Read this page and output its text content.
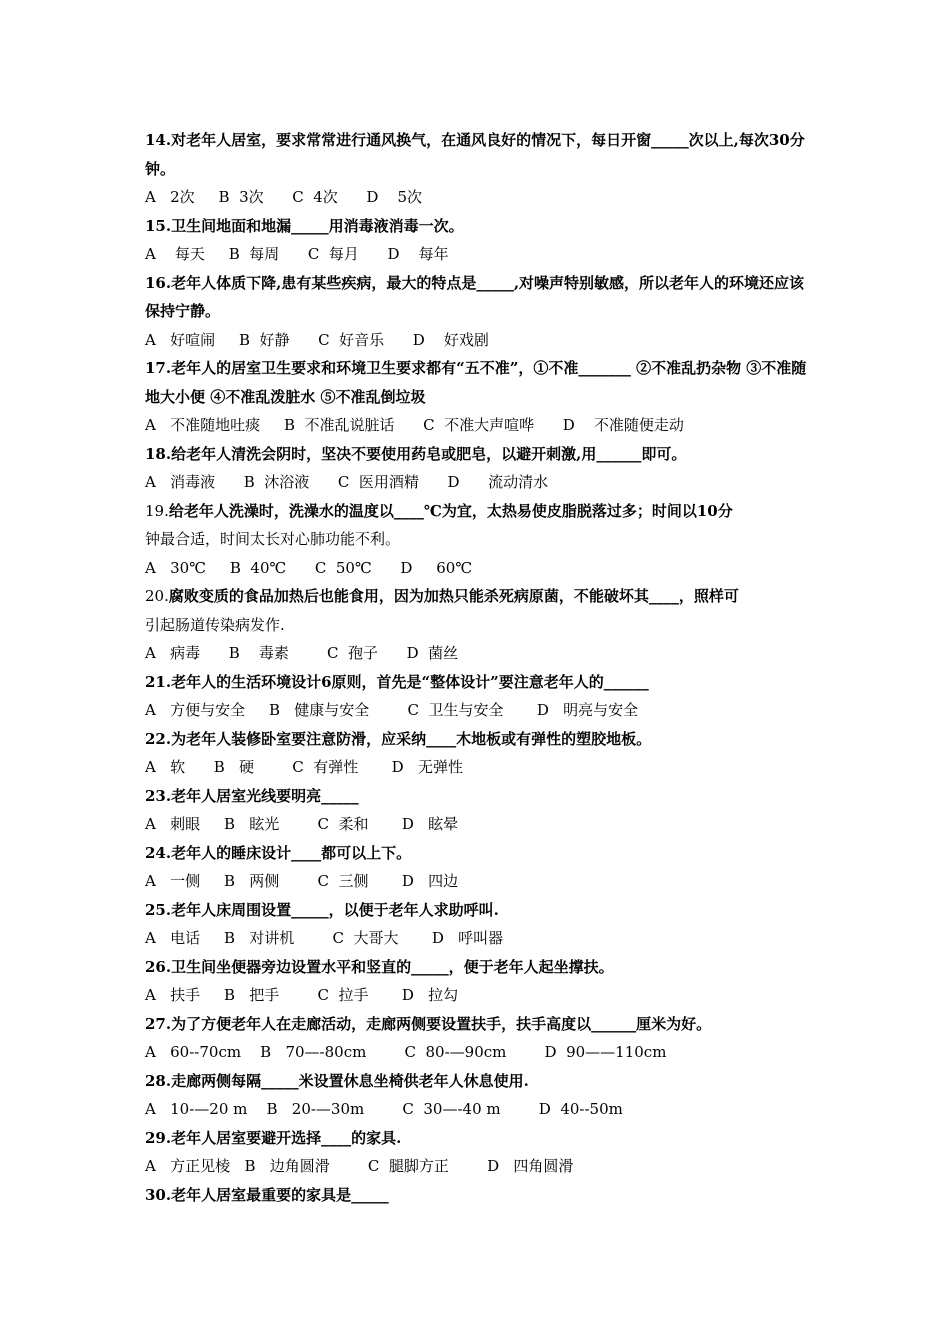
14.对老年人居室，要求常常进行通风换气，在通风良好的情况下，每日开窗_____次以上,每次30分钟。

A   2次     B  3次      C  4次      D    5次

15.卫生间地面和地漏_____用消毒液消毒一次。

A    每天     B  每周      C  每月      D    每年

16.老年人体质下降,患有某些疾病，最大的特点是_____,对噪声特别敏感，所以老年人的环境还应该保持宁静。

A   好喧闹     B  好静      C  好音乐      D    好戏剧

17.老年人的居室卫生要求和环境卫生要求都有“五不准”，①不准_______ ②不准乱扔杂物 ③不准随地大小便 ④不准乱泼脏水 ⑤不准乱倒垃圾

A   不准随地吐痰     B  不准乱说脏话      C  不准大声喧哗      D    不准随便走动

18.给老年人清洗会阴时，坚决不要使用药皂或肥皂，以避开刺激,用______即可。

A   消毒液      B  沐浴液      C  医用酒精      D      流动清水

19.给老年人洗澡时，洗澡水的温度以____℃为宜，太热易使皮脂脱落过多；时间以10分
钟最合适，时间太长对心肺功能不利。

A   30℃     B  40℃      C  50℃      D     60℃

20.腐败变质的食品加热后也能食用，因为加热只能杀死病原菌，不能破坏其____，照样可
引起肠道传染病发作.

A   病毒      B    毒素        C  孢子      D  菌丝

21.老年人的生活环境设计6原则，首先是“整体设计”要注意老年人的______

A   方便与安全     B   健康与安全        C  卫生与安全       D   明亮与安全

22.为老年人装修卧室要注意防滑，应采纳____木地板或有弹性的塑胶地板。

A   软      B   硬        C  有弹性       D   无弹性

23.老年人居室光线要明亮_____

A   刺眼     B   眩光        C  柔和       D   眩晕

24.老年人的睡床设计____都可以上下。

A   一侧     B   两侧        C  三侧       D   四边

25.老年人床周围设置_____，以便于老年人求助呼叫.

A   电话     B   对讲机        C  大哥大       D   呼叫器

26.卫生间坐便器旁边设置水平和竖直的_____，便于老年人起坐撑扶。

A   扶手     B   把手        C  拉手       D   拉勾

27.为了方便老年人在走廊活动，走廊两侧要设置扶手，扶手高度以______厘米为好。

A   60--70cm    B   70—-80cm        C  80-—90cm        D  90——110cm

28.走廊两侧每隔_____米设置休息坐椅供老年人休息使用.

A   10-—20 m    B   20-—30m        C  30—-40 m        D  40--50m

29.老年人居室要避开选择____的家具.

A   方正见棱   B   边角圆滑        C  腿脚方正        D   四角圆滑

30.老年人居室最重要的家具是_____
